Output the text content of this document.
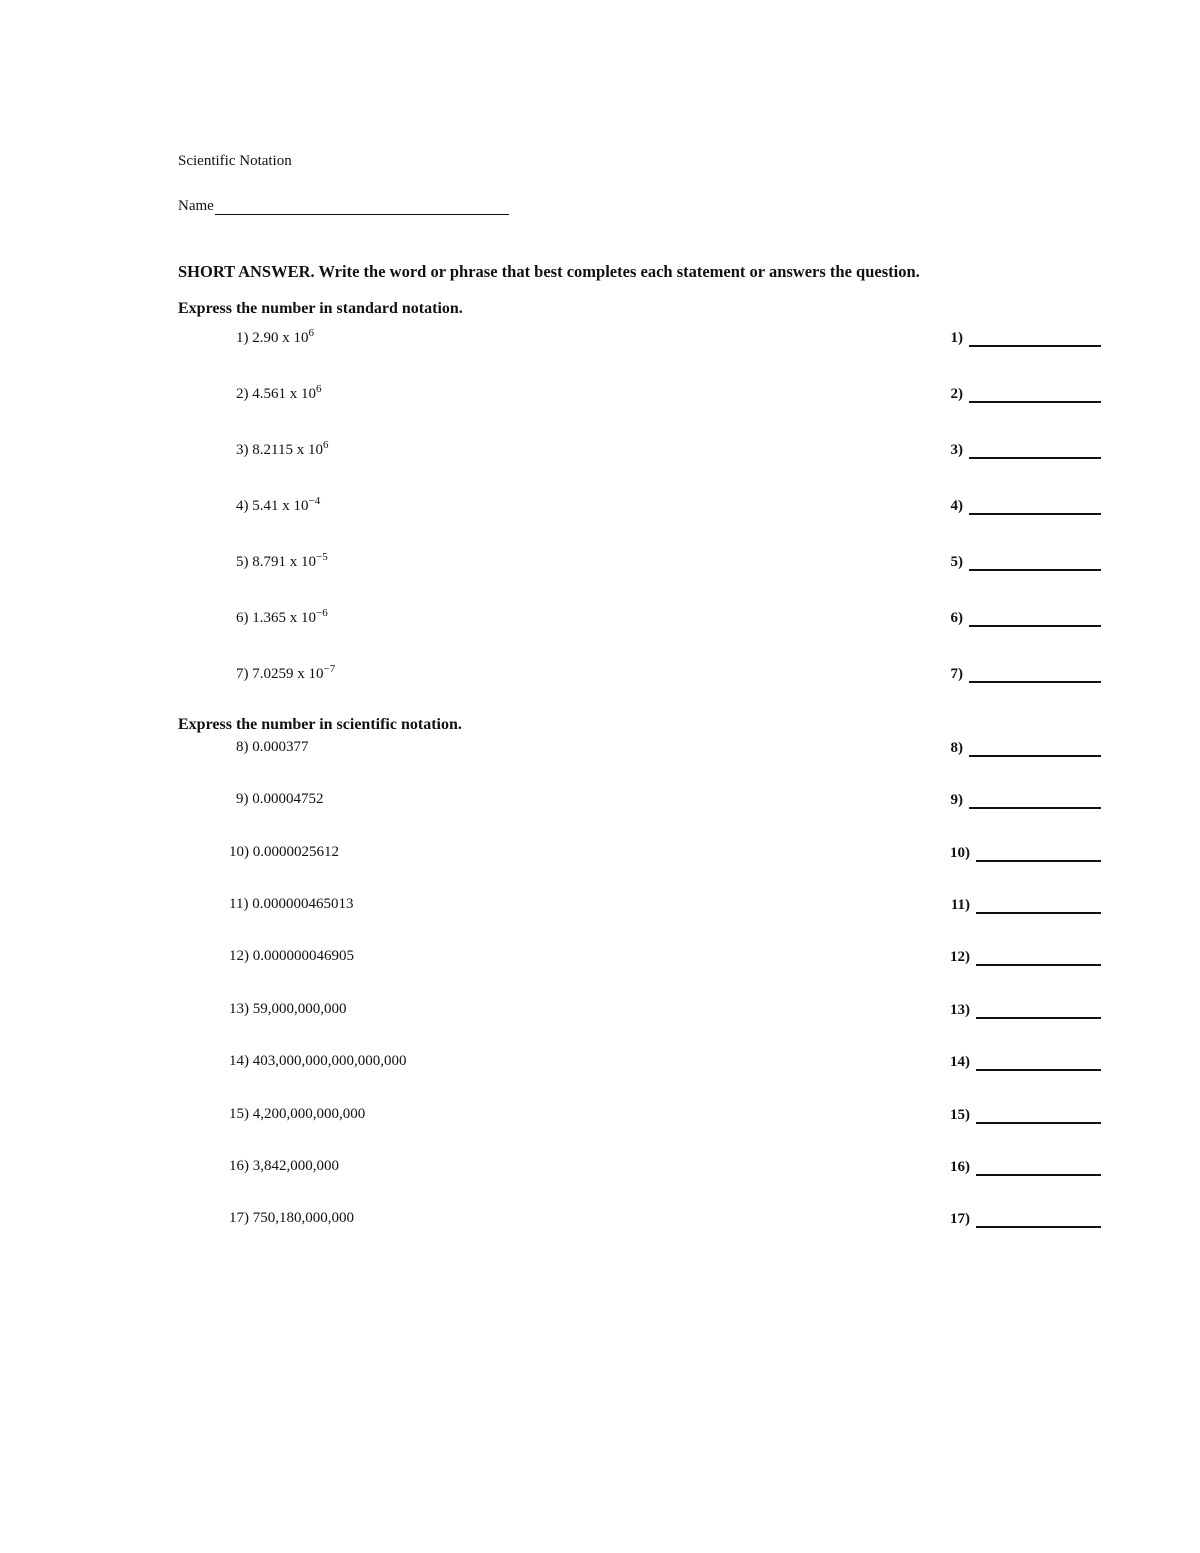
Scientific Notation
Name
SHORT ANSWER. Write the word or phrase that best completes each statement or answers the question.
Express the number in standard notation.
1) 2.90 x $10^6$	1)
2) 4.561 x $10^6$	2)
3) 8.2115 x $10^6$	3)
4) 5.41 x $10^{-4}$	4)
5) 8.791 x $10^{-5}$	5)
6) 1.365 x $10^{-6}$	6)
7) 7.0259 x $10^{-7}$	7)
Express the number in scientific notation.
8) 0.000377	8)
9) 0.00004752	9)
10) 0.0000025612	10)
11) 0.000000465013	11)
12) 0.000000046905	12)
13) 59,000,000,000	13)
14) 403,000,000,000,000,000	14)
15) 4,200,000,000,000	15)
16) 3,842,000,000	16)
17) 750,180,000,000	17)
